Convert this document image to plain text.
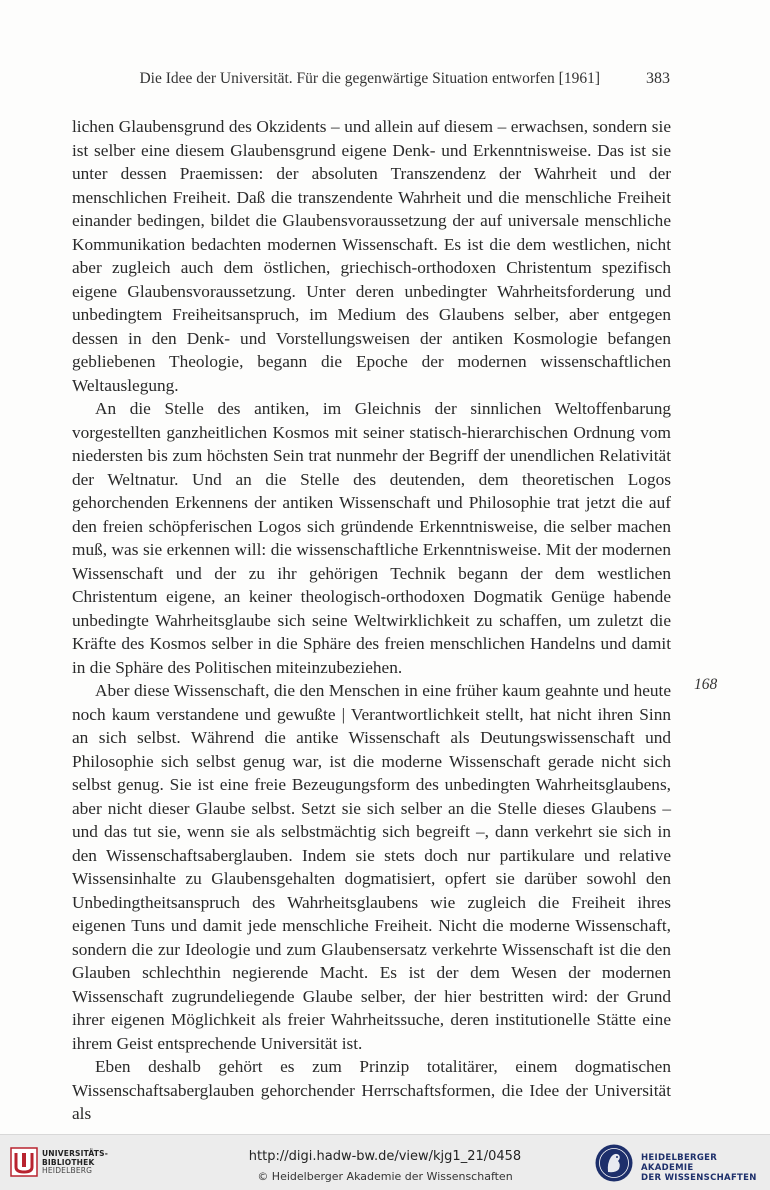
Die Idee der Universität. Für die gegenwärtige Situation entworfen [1961]	383

lichen Glaubensgrund des Okzidents – und allein auf diesem – erwachsen, sondern sie ist selber eine diesem Glaubensgrund eigene Denk- und Erkenntnisweise. Das ist sie unter dessen Praemissen: der absoluten Transzendenz der Wahrheit und der menschlichen Freiheit. Daß die transzendente Wahrheit und die menschliche Freiheit einander bedingen, bildet die Glaubensvoraussetzung der auf universale menschliche Kommunikation bedachten modernen Wissenschaft. Es ist die dem westlichen, nicht aber zugleich auch dem östlichen, griechisch-orthodoxen Christentum spezifisch eigene Glaubensvoraussetzung. Unter deren unbedingter Wahrheitsforderung und unbedingtem Freiheitsanspruch, im Medium des Glaubens selber, aber entgegen dessen in den Denk- und Vorstellungsweisen der antiken Kosmologie befangen gebliebenen Theologie, begann die Epoche der modernen wissenschaftlichen Weltauslegung.

An die Stelle des antiken, im Gleichnis der sinnlichen Weltoffenbarung vorgestellten ganzheitlichen Kosmos mit seiner statisch-hierarchischen Ordnung vom niedersten bis zum höchsten Sein trat nunmehr der Begriff der unendlichen Relativität der Weltnatur. Und an die Stelle des deutenden, dem theoretischen Logos gehorchenden Erkennens der antiken Wissenschaft und Philosophie trat jetzt die auf den freien schöpferischen Logos sich gründende Erkenntnisweise, die selber machen muß, was sie erkennen will: die wissenschaftliche Erkenntnisweise. Mit der modernen Wissenschaft und der zu ihr gehörigen Technik begann der dem westlichen Christentum eigene, an keiner theologisch-orthodoxen Dogmatik Genüge habende unbedingte Wahrheitsglaube sich seine Weltwirklichkeit zu schaffen, um zuletzt die Kräfte des Kosmos selber in die Sphäre des freien menschlichen Handelns und damit in die Sphäre des Politischen miteinzubeziehen.

Aber diese Wissenschaft, die den Menschen in eine früher kaum geahnte und heute noch kaum verstandene und gewußte | Verantwortlichkeit stellt, hat nicht ihren Sinn an sich selbst. Während die antike Wissenschaft als Deutungswissenschaft und Philosophie sich selbst genug war, ist die moderne Wissenschaft gerade nicht sich selbst genug. Sie ist eine freie Bezeugungsform des unbedingten Wahrheitsglaubens, aber nicht dieser Glaube selbst. Setzt sie sich selber an die Stelle dieses Glaubens – und das tut sie, wenn sie als selbstmächtig sich begreift –, dann verkehrt sie sich in den Wissenschaftsaberglauben. Indem sie stets doch nur partikulare und relative Wissensinhalte zu Glaubensgehalten dogmatisiert, opfert sie darüber sowohl den Unbedingtheitsanspruch des Wahrheitsglaubens wie zugleich die Freiheit ihres eigenen Tuns und damit jede menschliche Freiheit. Nicht die moderne Wissenschaft, sondern die zur Ideologie und zum Glaubensersatz verkehrte Wissenschaft ist die den Glauben schlechthin negierende Macht. Es ist der dem Wesen der modernen Wissenschaft zugrundeliegende Glaube selber, der hier bestritten wird: der Grund ihrer eigenen Möglichkeit als freier Wahrheitssuche, deren institutionelle Stätte eine ihrem Geist entsprechende Universität ist.

Eben deshalb gehört es zum Prinzip totalitärer, einem dogmatischen Wissenschaftsaberglauben gehorchender Herrschaftsformen, die Idee der Universität als

168
UNIVERSITÄTS-
BIBLIOTHEK
HEIDELBERG
http://digi.hadw-bw.de/view/kjg1_21/0458
© Heidelberger Akademie der Wissenschaften
HEIDELBERGER AKADEMIE
DER WISSENSCHAFTEN
